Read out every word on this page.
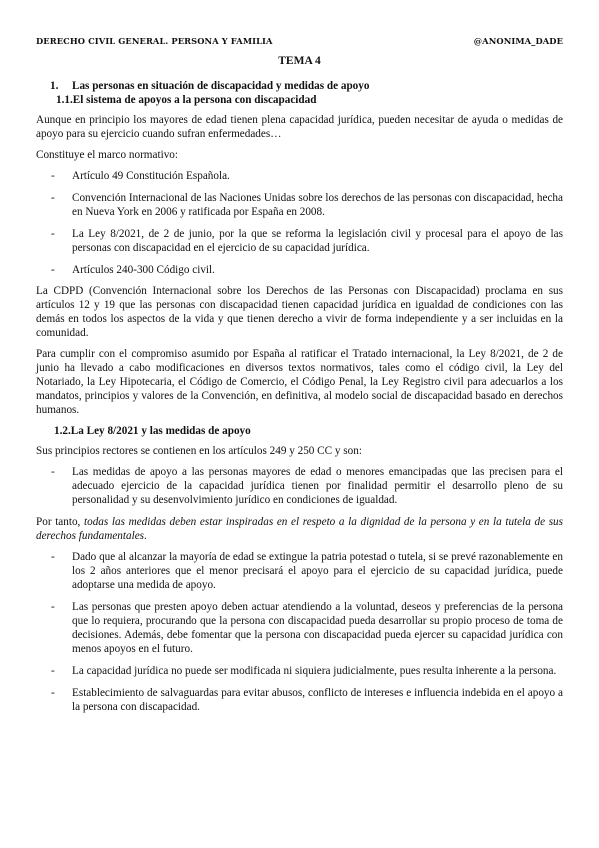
DERECHO CIVIL GENERAL. PERSONA Y FAMILIA	@ANONIMA_DADE
TEMA 4
1. Las personas en situación de discapacidad y medidas de apoyo
1.1.El sistema de apoyos a la persona con discapacidad

Aunque en principio los mayores de edad tienen plena capacidad jurídica, pueden necesitar de ayuda o medidas de apoyo para su ejercicio cuando sufran enfermedades…

Constituye el marco normativo:

- Artículo 49 Constitución Española.
- Convención Internacional de las Naciones Unidas sobre los derechos de las personas con discapacidad, hecha en Nueva York en 2006 y ratificada por España en 2008.
- La Ley 8/2021, de 2 de junio, por la que se reforma la legislación civil y procesal para el apoyo de las personas con discapacidad en el ejercicio de su capacidad jurídica.
- Artículos 240-300 Código civil.

La CDPD (Convención Internacional sobre los Derechos de las Personas con Discapacidad) proclama en sus artículos 12 y 19 que las personas con discapacidad tienen capacidad jurídica en igualdad de condiciones con las demás en todos los aspectos de la vida y que tienen derecho a vivir de forma independiente y a ser incluidas en la comunidad.

Para cumplir con el compromiso asumido por España al ratificar el Tratado internacional, la Ley 8/2021, de 2 de junio ha llevado a cabo modificaciones en diversos textos normativos, tales como el código civil, la Ley del Notariado, la Ley Hipotecaria, el Código de Comercio, el Código Penal, la Ley Registro civil para adecuarlos a los mandatos, principios y valores de la Convención, en definitiva, al modelo social de discapacidad basado en derechos humanos.

1.2.La Ley 8/2021 y las medidas de apoyo

Sus principios rectores se contienen en los artículos 249 y 250 CC y son:

- Las medidas de apoyo a las personas mayores de edad o menores emancipadas que las precisen para el adecuado ejercicio de la capacidad jurídica tienen por finalidad permitir el desarrollo pleno de su personalidad y su desenvolvimiento jurídico en condiciones de igualdad.

Por tanto, todas las medidas deben estar inspiradas en el respeto a la dignidad de la persona y en la tutela de sus derechos fundamentales.

- Dado que al alcanzar la mayoría de edad se extingue la patria potestad o tutela, si se prevé razonablemente en los 2 años anteriores que el menor precisará el apoyo para el ejercicio de su capacidad jurídica, puede adoptarse una medida de apoyo.
- Las personas que presten apoyo deben actuar atendiendo a la voluntad, deseos y preferencias de la persona que lo requiera, procurando que la persona con discapacidad pueda desarrollar su propio proceso de toma de decisiones. Además, debe fomentar que la persona con discapacidad pueda ejercer su capacidad jurídica con menos apoyos en el futuro.
- La capacidad jurídica no puede ser modificada ni siquiera judicialmente, pues resulta inherente a la persona.
- Establecimiento de salvaguardas para evitar abusos, conflicto de intereses e influencia indebida en el apoyo a la persona con discapacidad.
